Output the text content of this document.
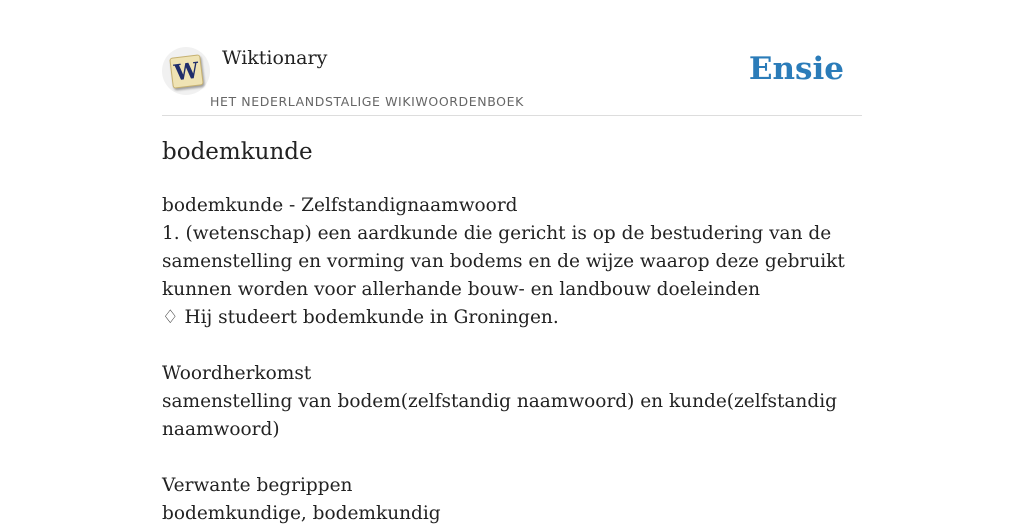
W Wiktionary
HET NEDERLANDSTALIGE WIKIWOORDENBOEK
Ensie
bodemkunde

bodemkunde - Zelfstandignaamwoord

1. (wetenschap) een aardkunde die gericht is op de bestudering van de samenstelling en vorming van bodems en de wijze waarop deze gebruikt kunnen worden voor allerhande bouw- en landbouw doeleinden

♢ Hij studeert bodemkunde in Groningen.

Woordherkomst

samenstelling van bodem(zelfstandig naamwoord) en kunde(zelfstandig naamwoord)

Verwante begrippen

bodemkundige, bodemkundig
